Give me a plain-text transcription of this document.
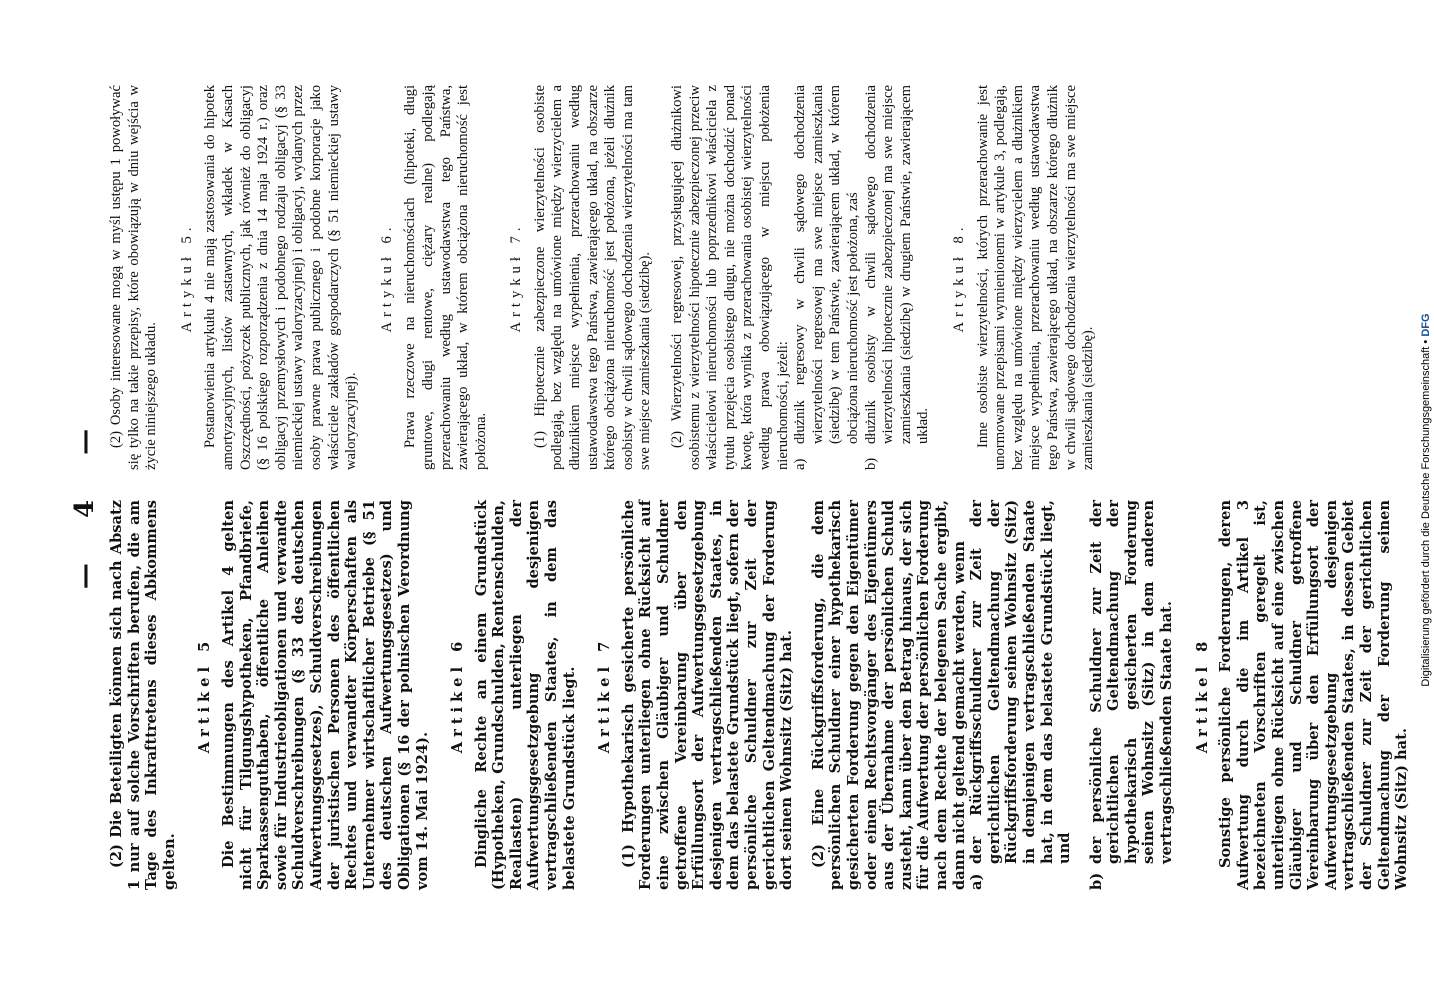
— 4 — (2) Die Beteiligten können sich nach Absatz 1 nur auf solche Vorschriften berufen, die am Tage des Inkrafttretens dieses Abkommens gelten.

Artikel 5 Die Bestimmungen des Artikel 4 gelten nicht für Tilgungshypotheken, Pfandbriefe, Sparkassenguthaben, öffentliche Anleihen sowie für Industrieobligationen und verwandte Schuldverschreibungen (§ 33 des deutschen Aufwertungsgesetzes), Schuldverschreibungen der juristischen Personen des öffentlichen Rechtes und verwandter Körperschaften als Unternehmer wirtschaftlicher Betriebe (§ 51 des deutschen Aufwertungsgesetzes) und Obligationen (§ 16 der polnischen Verordnung vom 14. Mai 1924).

Artikel 6 Dingliche Rechte an einem Grundstück (Hypotheken, Grundschulden, Rentenschulden, Reallasten) unterliegen der Aufwertungsgesetzgebung desjenigen vertragschließenden Staates, in dem das belastete Grundstück liegt. Artikel 7 (1) Hypothekarisch gesicherte persönliche Forderungen unterliegen ohne Rücksicht auf eine zwischen Gläubiger und Schuldner getroffene Vereinbarung über den Erfüllungsort der Aufwertungsgesetzgebung desjenigen vertragschließenden Staates, in dem das belastete Grundstück liegt, sofern der persönliche Schuldner zur Zeit der gerichtlichen Geltendmachung der Forderung dort seinen Wohnsitz (Sitz) hat. (2) Eine Rückgriffsforderung, die dem persönlichen Schuldner einer hypothekarisch gesicherten Forderung gegen den Eigentümer oder einen Rechtsvorgänger des Eigentümers aus der Übernahme der persönlichen Schuld zusteht, kann über den Betrag hinaus, der sich für die Aufwertung der persönlichen Forderung nach dem Rechte der belegenen Sache ergibt, dann nicht geltend gemacht werden, wenn a)
der Rückgriffsschuldner zur Zeit der gerichtlichen Geltendmachung der Rückgriffsforderung seinen Wohnsitz (Sitz) in demjenigen vertragschließenden Staate hat, in dem das belastete Grundstück liegt, und
b)
der persönliche Schuldner zur Zeit der gerichtlichen Geltendmachung der hypothekarisch gesicherten Forderung seinen Wohnsitz (Sitz) in dem anderen vertragschließenden Staate hat. Artikel 8 Sonstige persönliche Forderungen, deren Aufwertung durch die im Artikel 3 bezeichneten Vorschriften geregelt ist, unterliegen ohne Rücksicht auf eine zwischen Gläubiger und Schuldner getroffene Vereinbarung über den Erfüllungsort der Aufwertungsgesetzgebung desjenigen vertragschließenden Staates, in dessen Gebiet der Schuldner zur Zeit der gerichtlichen Geltendmachung der Forderung seinen Wohnsitz (Sitz) hat.

(2) Osoby interesowane mogą w myśl ustępu 1 powoływać się tylko na takie przepisy, które obowiązują w dniu wejścia w życie niniejszego układu.

Artykuł 5. Postanowienia artykułu 4 nie mają zastosowania do hipotek amortyzacyjnych, listów zastawnych, wkładek w Kasach Oszczędności, pożyczek publicznych, jak również do obligacyj (§ 16 polskiego rozporządzenia z dnia 14 maja 1924 r.) oraz obligacyj przemysłowych i podobnego rodzaju obligacyj (§ 33 niemieckiej ustawy waloryzacyjnej) i obligacyj, wydanych przez osoby prawne prawa publicznego i podobne korporacje jako właściciele zakładów gospodarczych (§ 51 niemieckiej ustawy waloryzacyjnej).

Artykuł 6. Prawa rzeczowe na nieruchomościach (hipoteki, długi gruntowe, długi rentowe, ciężary realne) podlegają przerachowaniu według ustawodawstwa tego Państwa, zawierającego układ, w którem obciążona nieruchomość jest położona.

Artykuł 7. (1) Hipotecznie zabezpieczone wierzytelności osobiste podlegają, bez względu na umówione między wierzycielem a dłużnikiem miejsce wypełnienia, przerachowaniu według ustawodawstwa tego Państwa, zawierającego układ, na obszarze którego obciążona nieruchomość jest położona, jeżeli dłużnik osobisty w chwili sądowego dochodzenia wierzytelności ma tam swe miejsce zamieszkania (siedzibę). (2) Wierzytelności regresowej, przysługującej dłużnikowi osobistemu z wierzytelności hipotecznie zabezpieczonej przeciw właścicielowi nieruchomości lub poprzednikowi właściciela z tytułu przejęcia osobistego długu, nie można dochodzić ponad kwotę, która wynika z przerachowania osobistej wierzytelności według prawa obowiązującego w miejscu położenia nieruchomości, jeżeli: a)
dłużnik regresowy w chwili sądowego dochodzenia wierzytelności regresowej ma swe miejsce zamieszkania (siedzibę) w tem Państwie, zawierającem układ, w którem obciążona nieruchomość jest położona, zaś
b)
dłużnik osobisty w chwili sądowego dochodzenia wierzytelności hipotecznie zabezpieczonej ma swe miejsce zamieszkania (siedzibę) w drugiem Państwie, zawierającem układ.

Artykuł 8. Inne osobiste wierzytelności, których przerachowanie jest unormowane przepisami wymienionemi w artykule 3, podlegają, bez względu na umówione między wierzycielem a dłużnikiem miejsce wypełnienia, przerachowaniu według ustawodawstwa tego Państwa, zawierającego układ, na obszarze którego dłużnik w chwili sądowego dochodzenia wierzytelności ma swe miejsce zamieszkania (siedzibę).	Digitalisierung gefördert durch die Deutsche Forschungsgemeinschaft • DFG
